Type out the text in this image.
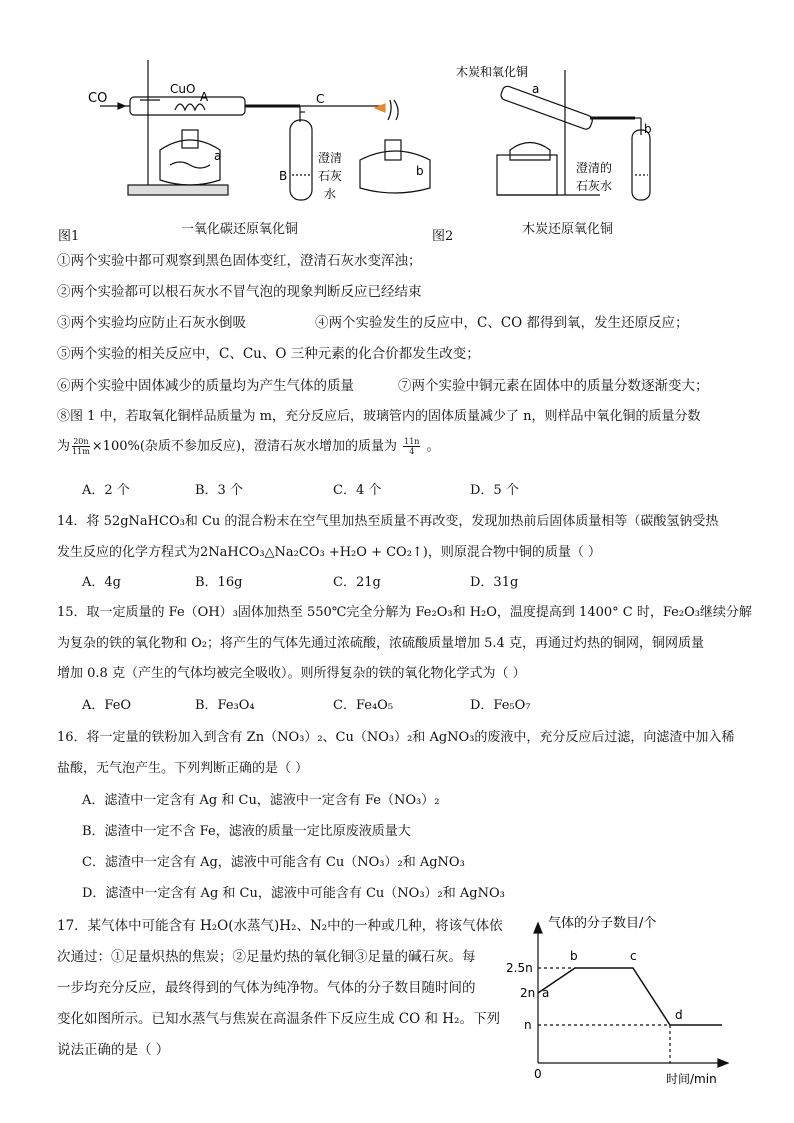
CO
CuO
A
a
C
B	b
澄清
石灰
水
木炭和氧化铜
a
b
澄清的
石灰水
图1	一氧化碳还原氧化铜	图2	木炭还原氧化铜
①两个实验中都可观察到黑色固体变红，澄清石灰水变浑浊；
②两个实验都可以根石灰水不冒气泡的现象判断反应已经结束
③两个实验均应防止石灰水倒吸	④两个实验发生的反应中，C、CO 都得到氧，发生还原反应；
⑤两个实验的相关反应中，C、Cu、O 三种元素的化合价都发生改变；
⑥两个实验中固体减少的质量均为产生气体的质量	⑦两个实验中铜元素在固体中的质量分数逐渐变大；
⑧图 1 中，若取氧化铜样品质量为 m，充分反应后，玻璃管内的固体质量减少了 n，则样品中氧化铜的质量分数
为 $\frac{20n}{11m} \times 100\%$(杂质不参加反应)，澄清石灰水增加的质量为 $\frac{11n}{4}$ 。
A．2 个	B．3 个	C．4 个	D．5 个
14．将 52gNaHCO₃和 Cu 的混合粉末在空气里加热至质量不再改变，发现加热前后固体质量相等（碳酸氢钠受热
发生反应的化学方程式为2NaHCO₃△Na₂CO₃ +H₂O + CO₂↑)，则原混合物中铜的质量（ ）
A．4g	B．16g	C．21g	D．31g
15．取一定质量的 Fe（OH）₃固体加热至 550℃完全分解为 Fe₂O₃和 H₂O，温度提高到 1400° C 时，Fe₂O₃继续分解
为复杂的铁的氧化物和 O₂；将产生的气体先通过浓硫酸，浓硫酸质量增加 5.4 克，再通过灼热的铜网，铜网质量
增加 0.8 克（产生的气体均被完全吸收）。则所得复杂的铁的氧化物化学式为（ ）
A．FeO	B．Fe₃O₄	C．Fe₄O₅	D．Fe₅O₇
16．将一定量的铁粉加入到含有 Zn（NO₃）₂、Cu（NO₃）₂和 AgNO₃的废液中，充分反应后过滤，向滤渣中加入稀
盐酸，无气泡产生。下列判断正确的是（ ）
A．滤渣中一定含有 Ag 和 Cu，滤液中一定含有 Fe（NO₃）₂
B．滤渣中一定不含 Fe，滤液的质量一定比原废液质量大
C．滤渣中一定含有 Ag，滤液中可能含有 Cu（NO₃）₂和 AgNO₃
D．滤渣中一定含有 Ag 和 Cu，滤液中可能含有 Cu（NO₃）₂和 AgNO₃
17．某气体中可能含有 H₂O(水蒸气)H₂、N₂中的一种或几种，将该气体依
次通过：①足量炽热的焦炭；②足量灼热的氧化铜③足量的碱石灰。每
一步均充分反应，最终得到的气体为纯净物。气体的分子数目随时间的
变化如图所示。已知水蒸气与焦炭在高温条件下反应生成 CO 和 H₂。下列
说法正确的是（ ）
气体的分子数目/个
2.5n
2n
n
0	时间/min
a
b	c
d
